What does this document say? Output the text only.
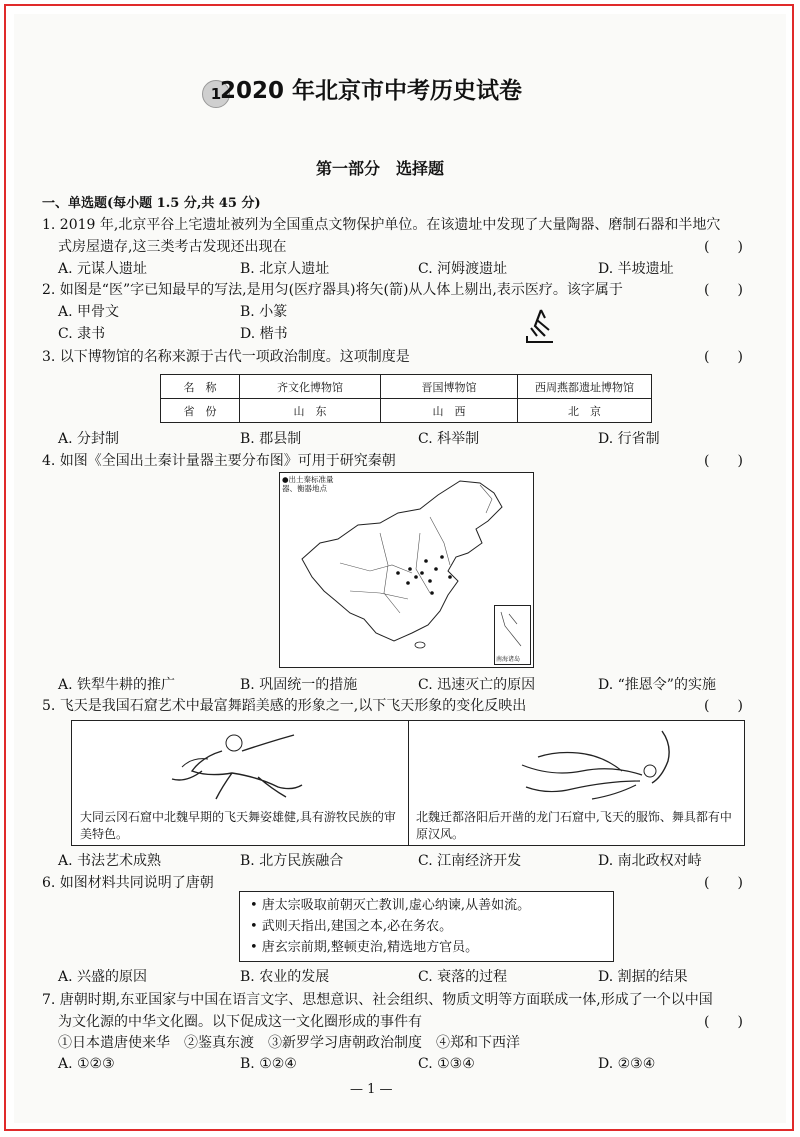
1
2020 年北京市中考历史试卷
第一部分　选择题
一、单选题(每小题 1.5 分,共 45 分)
1. 2019 年,北京平谷上宅遗址被列为全国重点文物保护单位。在该遗址中发现了大量陶器、磨制石器和半地穴
式房屋遗存,这三类考古发现还出现在	(　　)
A. 元谋人遗址	B. 北京人遗址	C. 河姆渡遗址	D. 半坡遗址
2. 如图是“医”字已知最早的写法,是用匀(医疗器具)将矢(箭)从人体上剔出,表示医疗。该字属于	(　　)
A. 甲骨文	B. 小篆
C. 隶书	D. 楷书
3. 以下博物馆的名称来源于古代一项政治制度。这项制度是	(　　)
名　称	齐文化博物馆	晋国博物馆	西周燕都遗址博物馆
省　份	山　东	山　西	北　京
A. 分封制	B. 郡县制	C. 科举制	D. 行省制
4. 如图《全国出土秦计量器主要分布图》可用于研究秦朝	(　　)
●出土秦标准量
器、衡器地点
南海诸岛
A. 铁犁牛耕的推广	B. 巩固统一的措施	C. 迅速灭亡的原因	D. “推恩令”的实施
5. 飞天是我国石窟艺术中最富舞蹈美感的形象之一,以下飞天形象的变化反映出	(　　)
大同云冈石窟中北魏早期的飞天舞姿雄健,具有游牧民族的审美特色。
北魏迁都洛阳后开凿的龙门石窟中,飞天的服饰、舞具都有中原汉风。
A. 书法艺术成熟	B. 北方民族融合	C. 江南经济开发	D. 南北政权对峙
6. 如图材料共同说明了唐朝	(　　)
• 唐太宗吸取前朝灭亡教训,虚心纳谏,从善如流。
• 武则天指出,建国之本,必在务农。
• 唐玄宗前期,整顿吏治,精选地方官员。
A. 兴盛的原因	B. 农业的发展	C. 衰落的过程	D. 割据的结果
7. 唐朝时期,东亚国家与中国在语言文字、思想意识、社会组织、物质文明等方面联成一体,形成了一个以中国
为文化源的中华文化圈。以下促成这一文化圈形成的事件有	(　　)
①日本遣唐使来华　②鉴真东渡　③新罗学习唐朝政治制度　④郑和下西洋
A. ①②③	B. ①②④	C. ①③④	D. ②③④
— 1 —
